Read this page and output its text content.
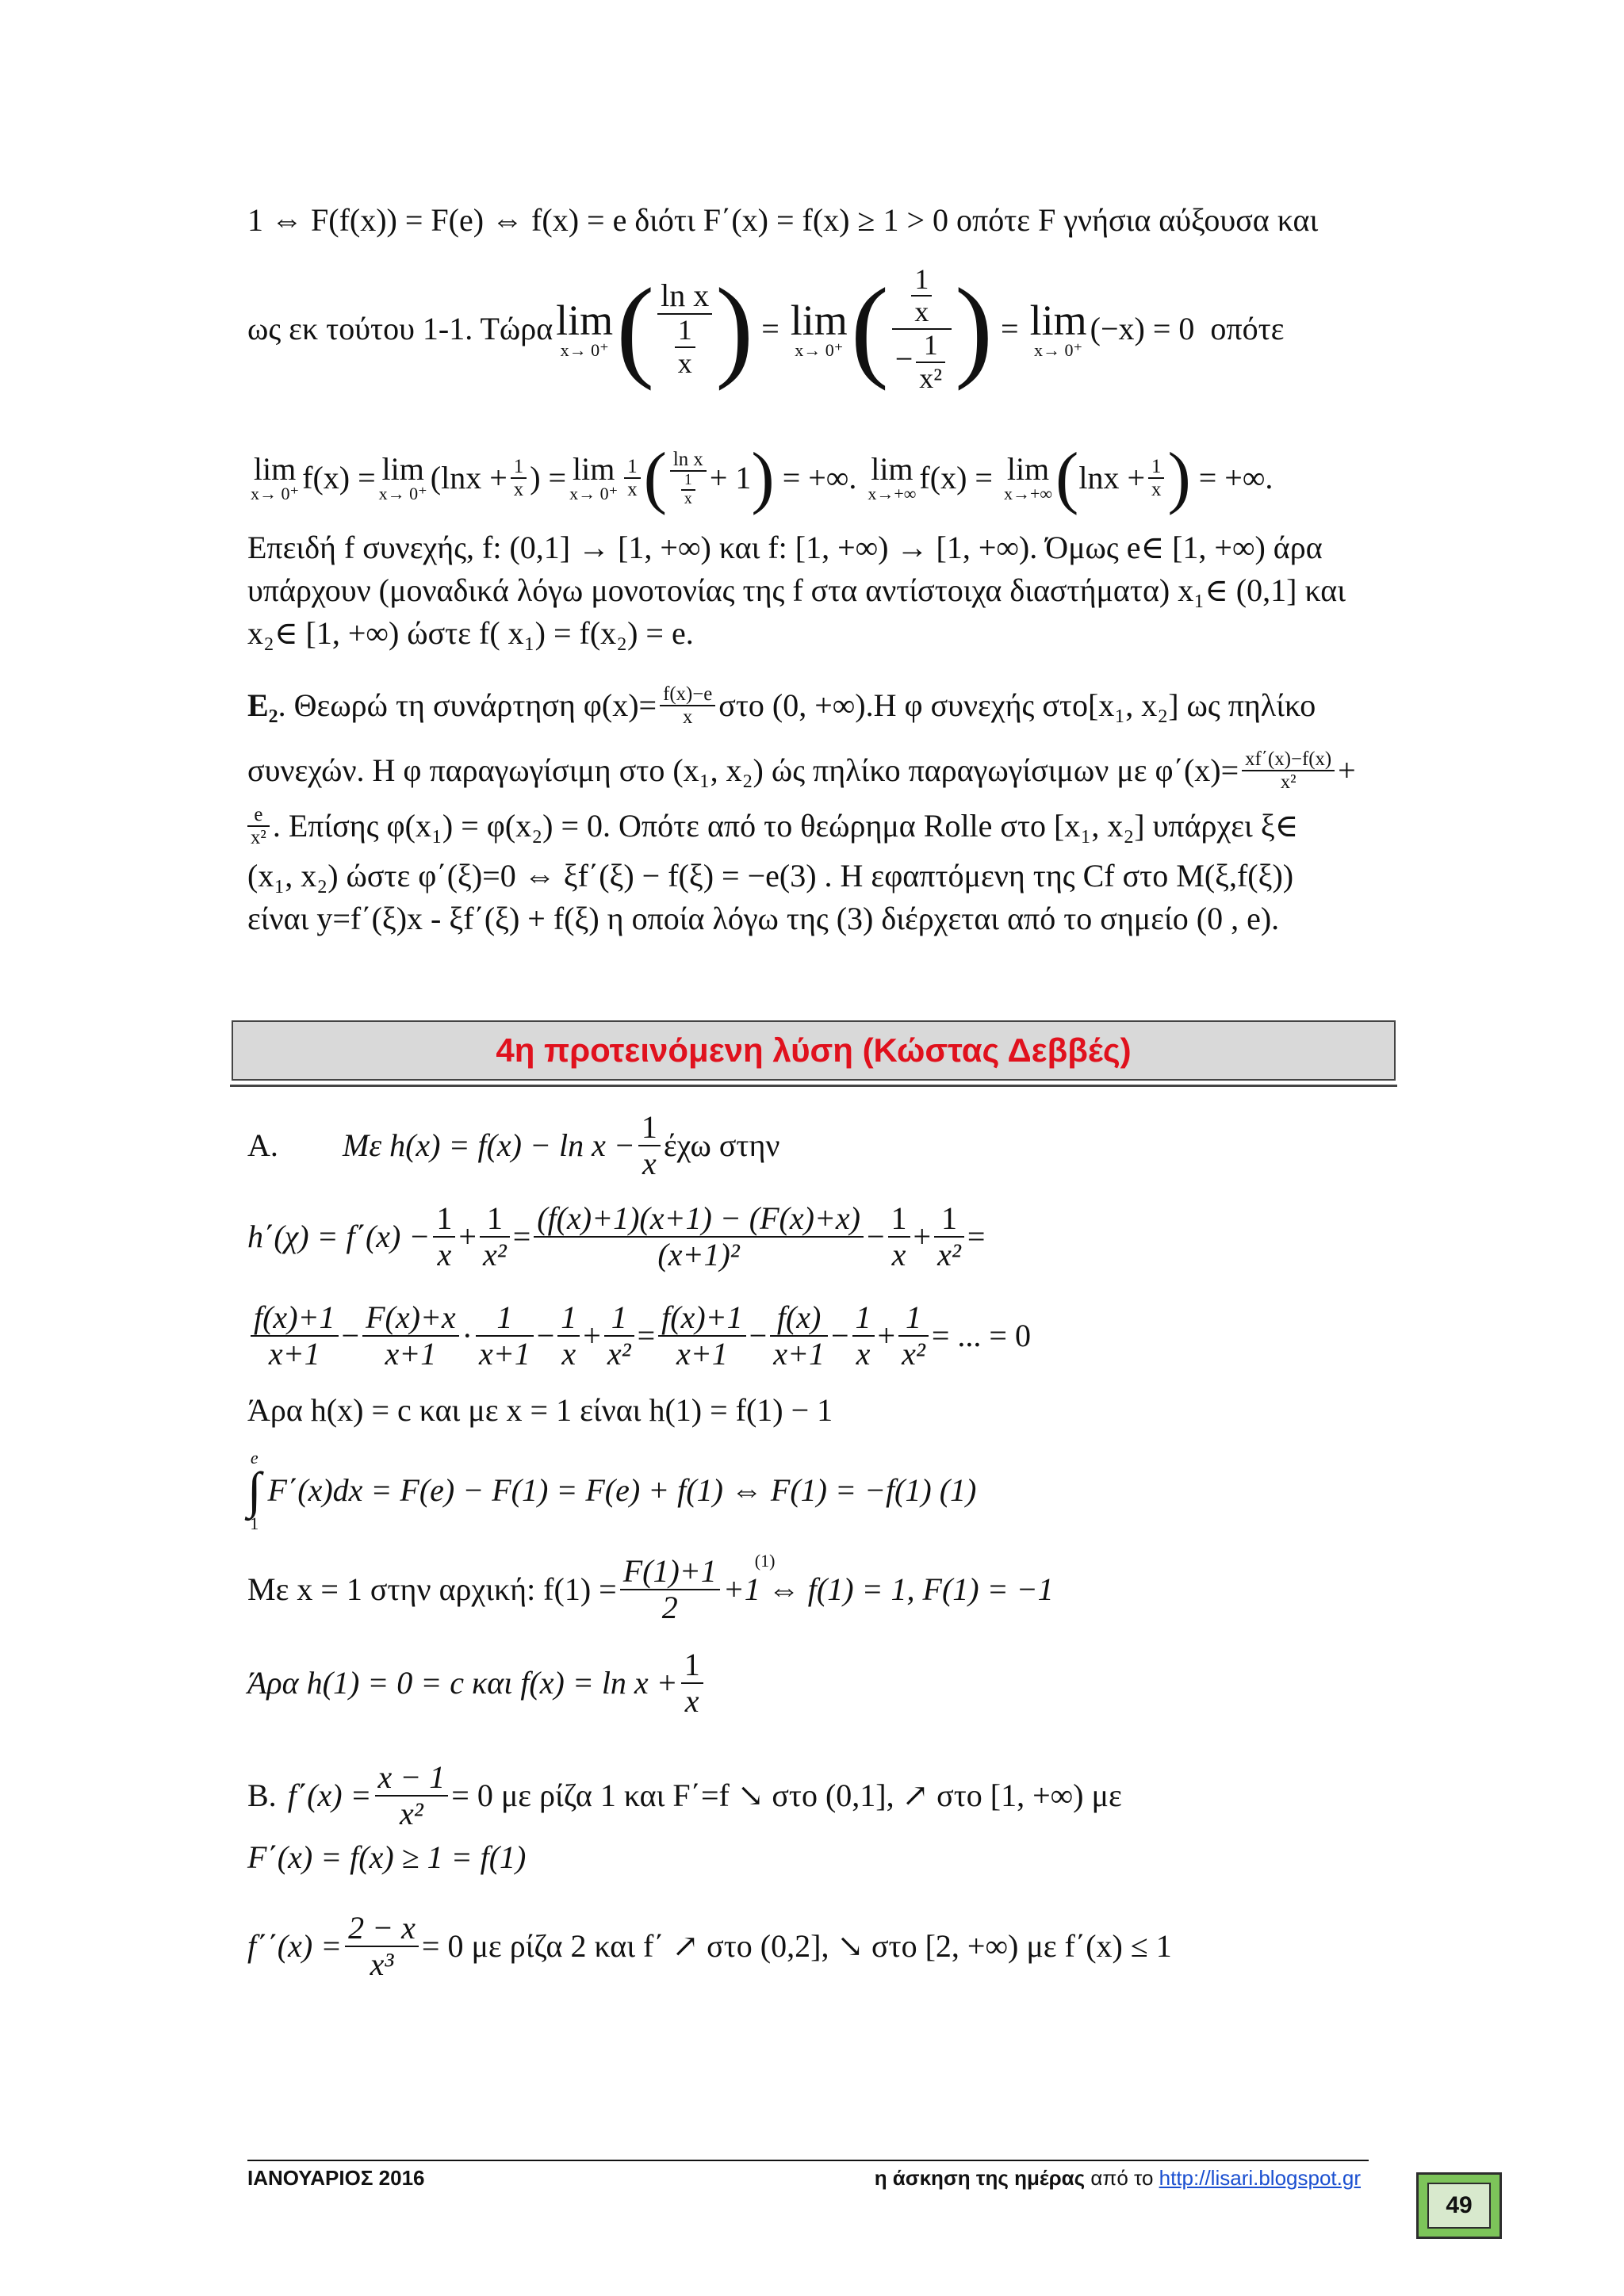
1 ⇔ F(f(x)) = F(e) ⇔ f(x) = e διότι F΄(x) = f(x) ≥ 1 > 0 οπότε F γνήσια αύξουσα και
ως εκ τούτου 1-1. Τώρα lim
x→ 0⁺ ( $\frac{\text{ln x}}{\frac{1}{x}}$ ) = lim
x→ 0⁺ ( $\frac{\frac{1}{x}}{- \frac{1}{\text{x²}}}$ ) = lim
x→ 0⁺
(−x)
= 0
οπότε
lim
x→ 0⁺ f(x) = lim
x→ 0⁺ ($\ln x + \frac{1}{x}$ ) = lim
$x\to 0^+ \frac{1}{x}$ ( $\frac{\text{ln x}}{\frac{1}{x}} + 1$ )
= +∞.
lim
x→+∞ f(x) =
lim
x→+∞ ( $\ln x + \frac{1}{x}$ )
= +∞.
Επειδή f συνεχής, f: (0,1] → [1, +∞) και f: [1, +∞) → [1, +∞). Όμως e∈ [1, +∞) άρα
υπάρχουν (μοναδικά λόγω μονοτονίας της f στα αντίστοιχα διαστήματα) x₁∈ (0,1] και
x₂∈ [1, +∞) ώστε f( x₁) = f(x₂) = e.
Ε₂ . Θεωρώ τη συνάρτηση $\varphi(x)= \frac{f(x)-e}{x}$ στο (0, +∞).Η φ συνεχής στο[x₁, x₂] ως πηλίκο
συνεχών. Η φ παραγωγίσιμη στο (x₁, x₂) ώς πηλίκο παραγωγίσιμων με $\varphi΄(x)= \frac{xf΄(x)-f(x)}{\text{x²}}$ +
$\frac{e}{\text{x²}}$ . Επίσης φ(x₁) = φ(x₂) = 0. Οπότε από το θεώρημα Rolle στο [x₁, x₂] υπάρχει ξ∈
(x₁, x₂) ώστε φ΄(ξ)=0 ⇔ ξf΄(ξ) − f(ξ) = −e(3) . Η εφαπτόμενη της Cf στο M(ξ,f(ξ))
είναι y=f΄(ξ)x - ξf΄(ξ) + f(ξ) η οποία λόγω της (3) διέρχεται από το σημείο (0 , e).
4η προτεινόμενη λύση (Κώστας Δεββές)
Α.	Με $h(x) = f(x) - \ln x - \frac{1}{x}$ έχω στην
$h΄(\chi) = f΄(x) - \frac{1}{x} + \frac{1}{\text{x²}} = \frac{(f(x)+1)(x+1) - (F(x)+x)}{\text{(x+1)²}} - \frac{1}{x} + \frac{1}{\text{x²}}$ =
$\frac{f(x)+1}{x+1} - \frac{F(x)+x}{x+1} \cdot \frac{1}{x+1} - \frac{1}{x} + \frac{1}{\text{x²}} = \frac{f(x)+1}{x+1} - \frac{f(x)}{x+1} - \frac{1}{x} + \frac{1}{\text{x²}}$ = ... = 0
Άρα h(x) = c και με x = 1 είναι h(1) = f(1) − 1
e
∫
1
F΄(x)dx = F(e) − F(1) = F(e) + f(1) ⇔ F(1) = −f(1) (1)
Με x = 1 στην αρχική: $f(1) = \frac{F(1)+1}{2} (1)$
+1 ⇔ f(1) = 1, F(1) = −1
Άρα h(1) = 0 = c και $f(x) = \ln x + \frac{1}{x}$
Β. $f΄(x) = \frac{x - 1}{\text{x²}} = 0$ με ρίζα 1 και F΄=f ↘ στο (0,1], ↗ στο [1, +∞) με
F΄(x) = f(x) ≥ 1 = f(1)
$f΄΄(x) = \frac{2 - x}{\text{x³}} = 0$ με ρίζα 2 και f΄ ↗ στο (0,2], ↘ στο [2, +∞) με f΄(x) ≤ 1
ΙΑΝΟΥΑΡΙΟΣ 2016	η άσκηση της ημέρας από το http://lisari.blogspot.gr
49
